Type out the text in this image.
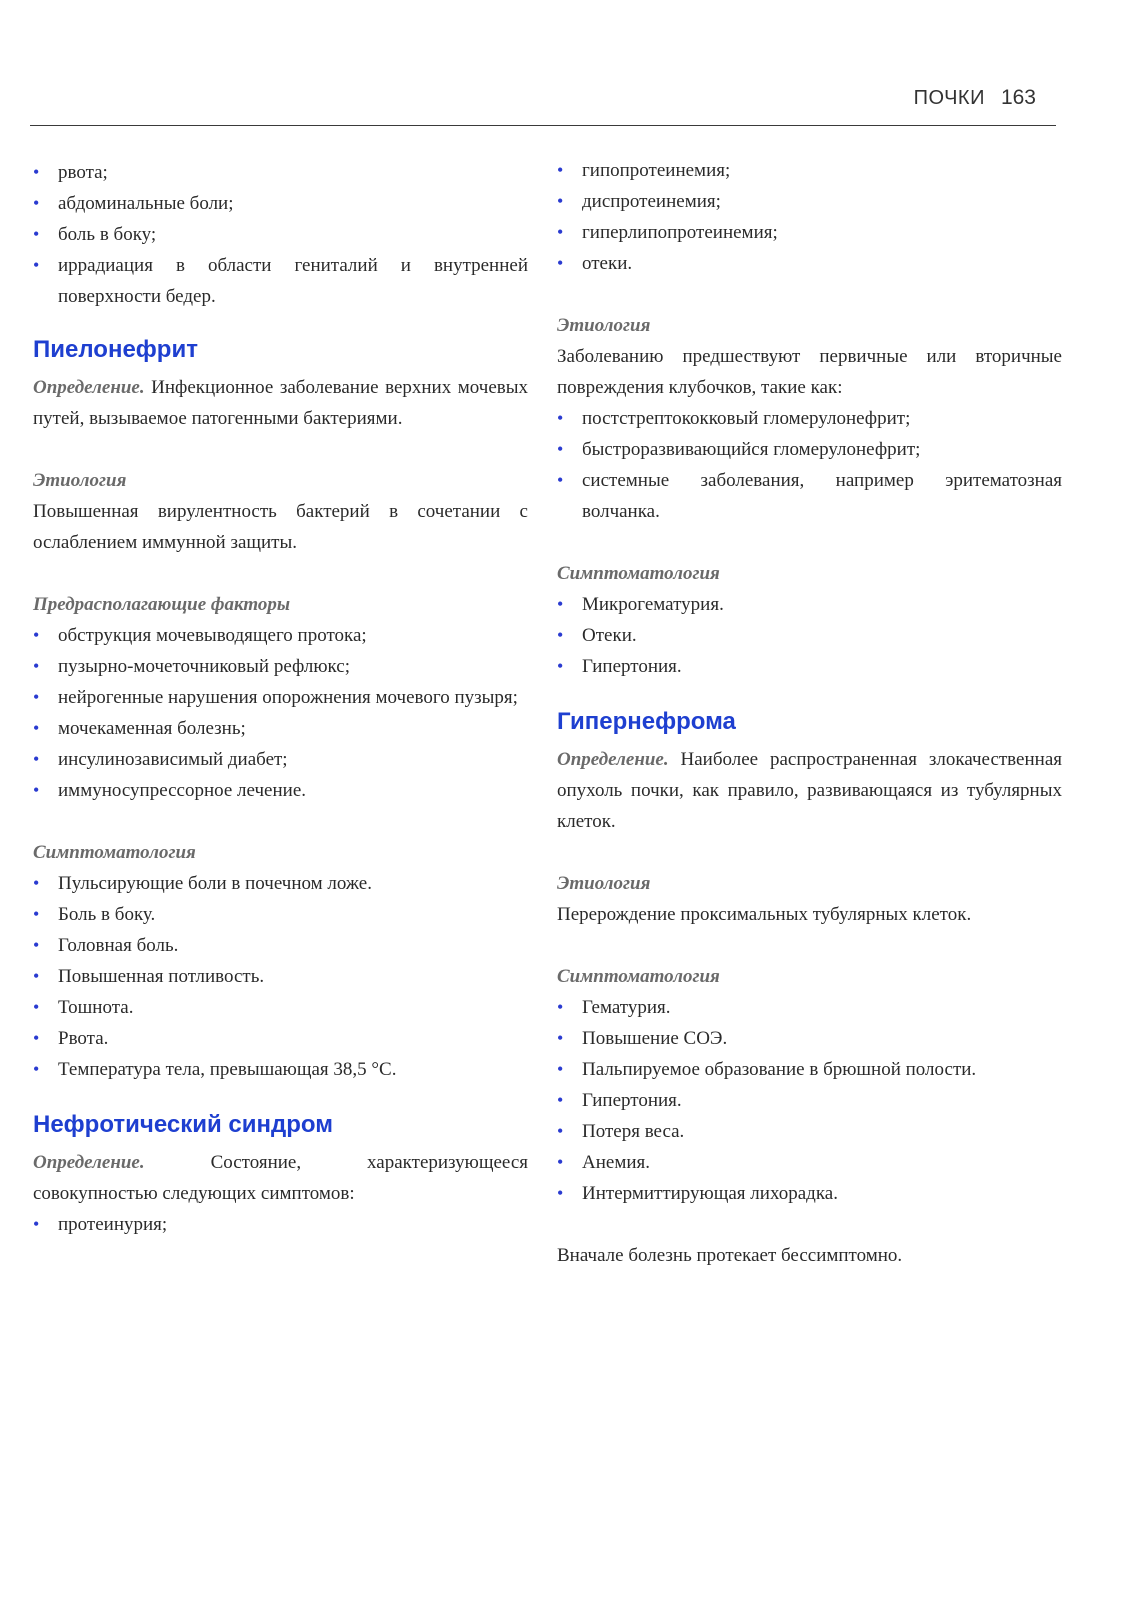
ПОЧКИ 163
• рвота;
• абдоминальные боли;
• боль в боку;
• иррадиация в области гениталий и внутренней поверхности бедер.
Пиелонефрит

Определение. Инфекционное заболевание верхних мочевых путей, вызываемое патогенными бактериями.

Этиология

Повышенная вирулентность бактерий в сочетании с ослаблением иммунной защиты.

Предрасполагающие факторы
• обструкция мочевыводящего протока;
• пузырно-мочеточниковый рефлюкс;
• нейрогенные нарушения опорожнения мочевого пузыря;
• мочекаменная болезнь;
• инсулинозависимый диабет;
• иммуносупрессорное лечение.
Симптоматология
• Пульсирующие боли в почечном ложе.
• Боль в боку.
• Головная боль.
• Повышенная потливость.
• Тошнота.
• Рвота.
• Температура тела, превышающая 38,5 °С.
Нефротический синдром

Определение. Состояние, характеризующееся совокупностью следующих симптомов:

• протеинурия;
• гипопротеинемия;
• диспротеинемия;
• гиперлипопротеинемия;
• отеки.
Этиология

Заболеванию предшествуют первичные или вторичные повреждения клубочков, такие как:

• постстрептококковый гломерулонефрит;
• быстроразвивающийся гломерулонефрит;
• системные заболевания, например эритематозная волчанка.
Симптоматология
• Микрогематурия.
• Отеки.
• Гипертония.
Гипернефрома

Определение. Наиболее распространенная злокачественная опухоль почки, как правило, развивающаяся из тубулярных клеток.

Этиология

Перерождение проксимальных тубулярных клеток.

Симптоматология
• Гематурия.
• Повышение СОЭ.
• Пальпируемое образование в брюшной полости.
• Гипертония.
• Потеря веса.
• Анемия.
• Интермиттирующая лихорадка.

Вначале болезнь протекает бессимптомно.
